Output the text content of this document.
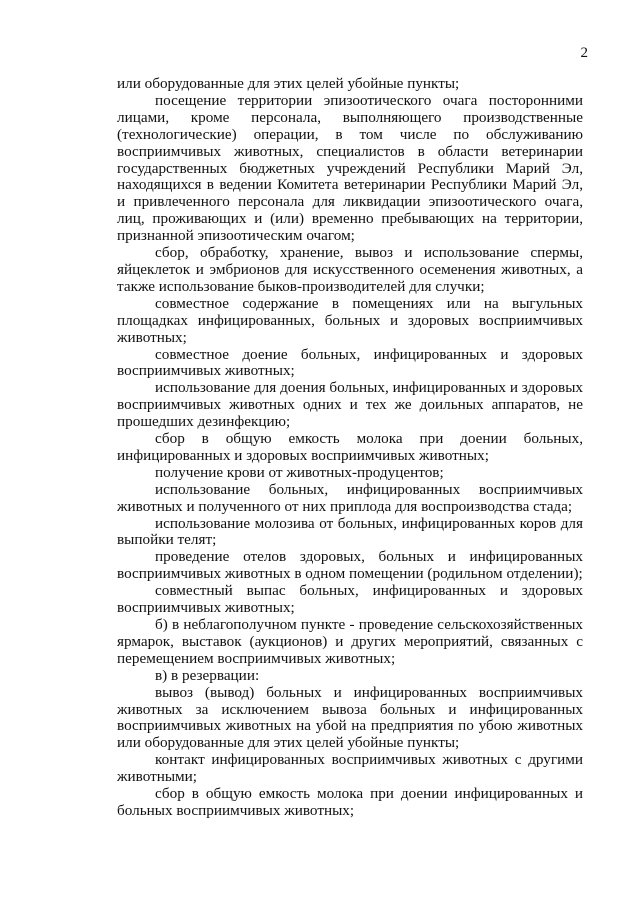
2

или оборудованные для этих целей убойные пункты;

посещение территории эпизоотического очага посторонними лицами, кроме персонала, выполняющего производственные (технологические) операции, в том числе по обслуживанию восприимчивых животных, специалистов в области ветеринарии государственных бюджетных учреждений Республики Марий Эл, находящихся в ведении Комитета ветеринарии Республики Марий Эл, и привлеченного персонала для ликвидации эпизоотического очага, лиц, проживающих и (или) временно пребывающих на территории, признанной эпизоотическим очагом;

сбор, обработку, хранение, вывоз и использование спермы, яйцеклеток и эмбрионов для искусственного осеменения животных, а также использование быков-производителей для случки;

совместное содержание в помещениях или на выгульных площадках инфицированных, больных и здоровых восприимчивых животных;

совместное доение больных, инфицированных и здоровых восприимчивых животных;

использование для доения больных, инфицированных и здоровых восприимчивых животных одних и тех же доильных аппаратов, не прошедших дезинфекцию;

сбор в общую емкость молока при доении больных, инфицированных и здоровых восприимчивых животных;

получение крови от животных-продуцентов;

использование больных, инфицированных восприимчивых животных и полученного от них приплода для воспроизводства стада;

использование молозива от больных, инфицированных коров для выпойки телят;

проведение отелов здоровых, больных и инфицированных восприимчивых животных в одном помещении (родильном отделении);

совместный выпас больных, инфицированных и здоровых восприимчивых животных;

б) в неблагополучном пункте - проведение сельскохозяйственных ярмарок, выставок (аукционов) и других мероприятий, связанных с перемещением восприимчивых животных;

в) в резервации:

вывоз (вывод) больных и инфицированных восприимчивых животных за исключением вывоза больных и инфицированных восприимчивых животных на убой на предприятия по убою животных или оборудованные для этих целей убойные пункты;

контакт инфицированных восприимчивых животных с другими животными;

сбор в общую емкость молока при доении инфицированных и больных восприимчивых животных;
